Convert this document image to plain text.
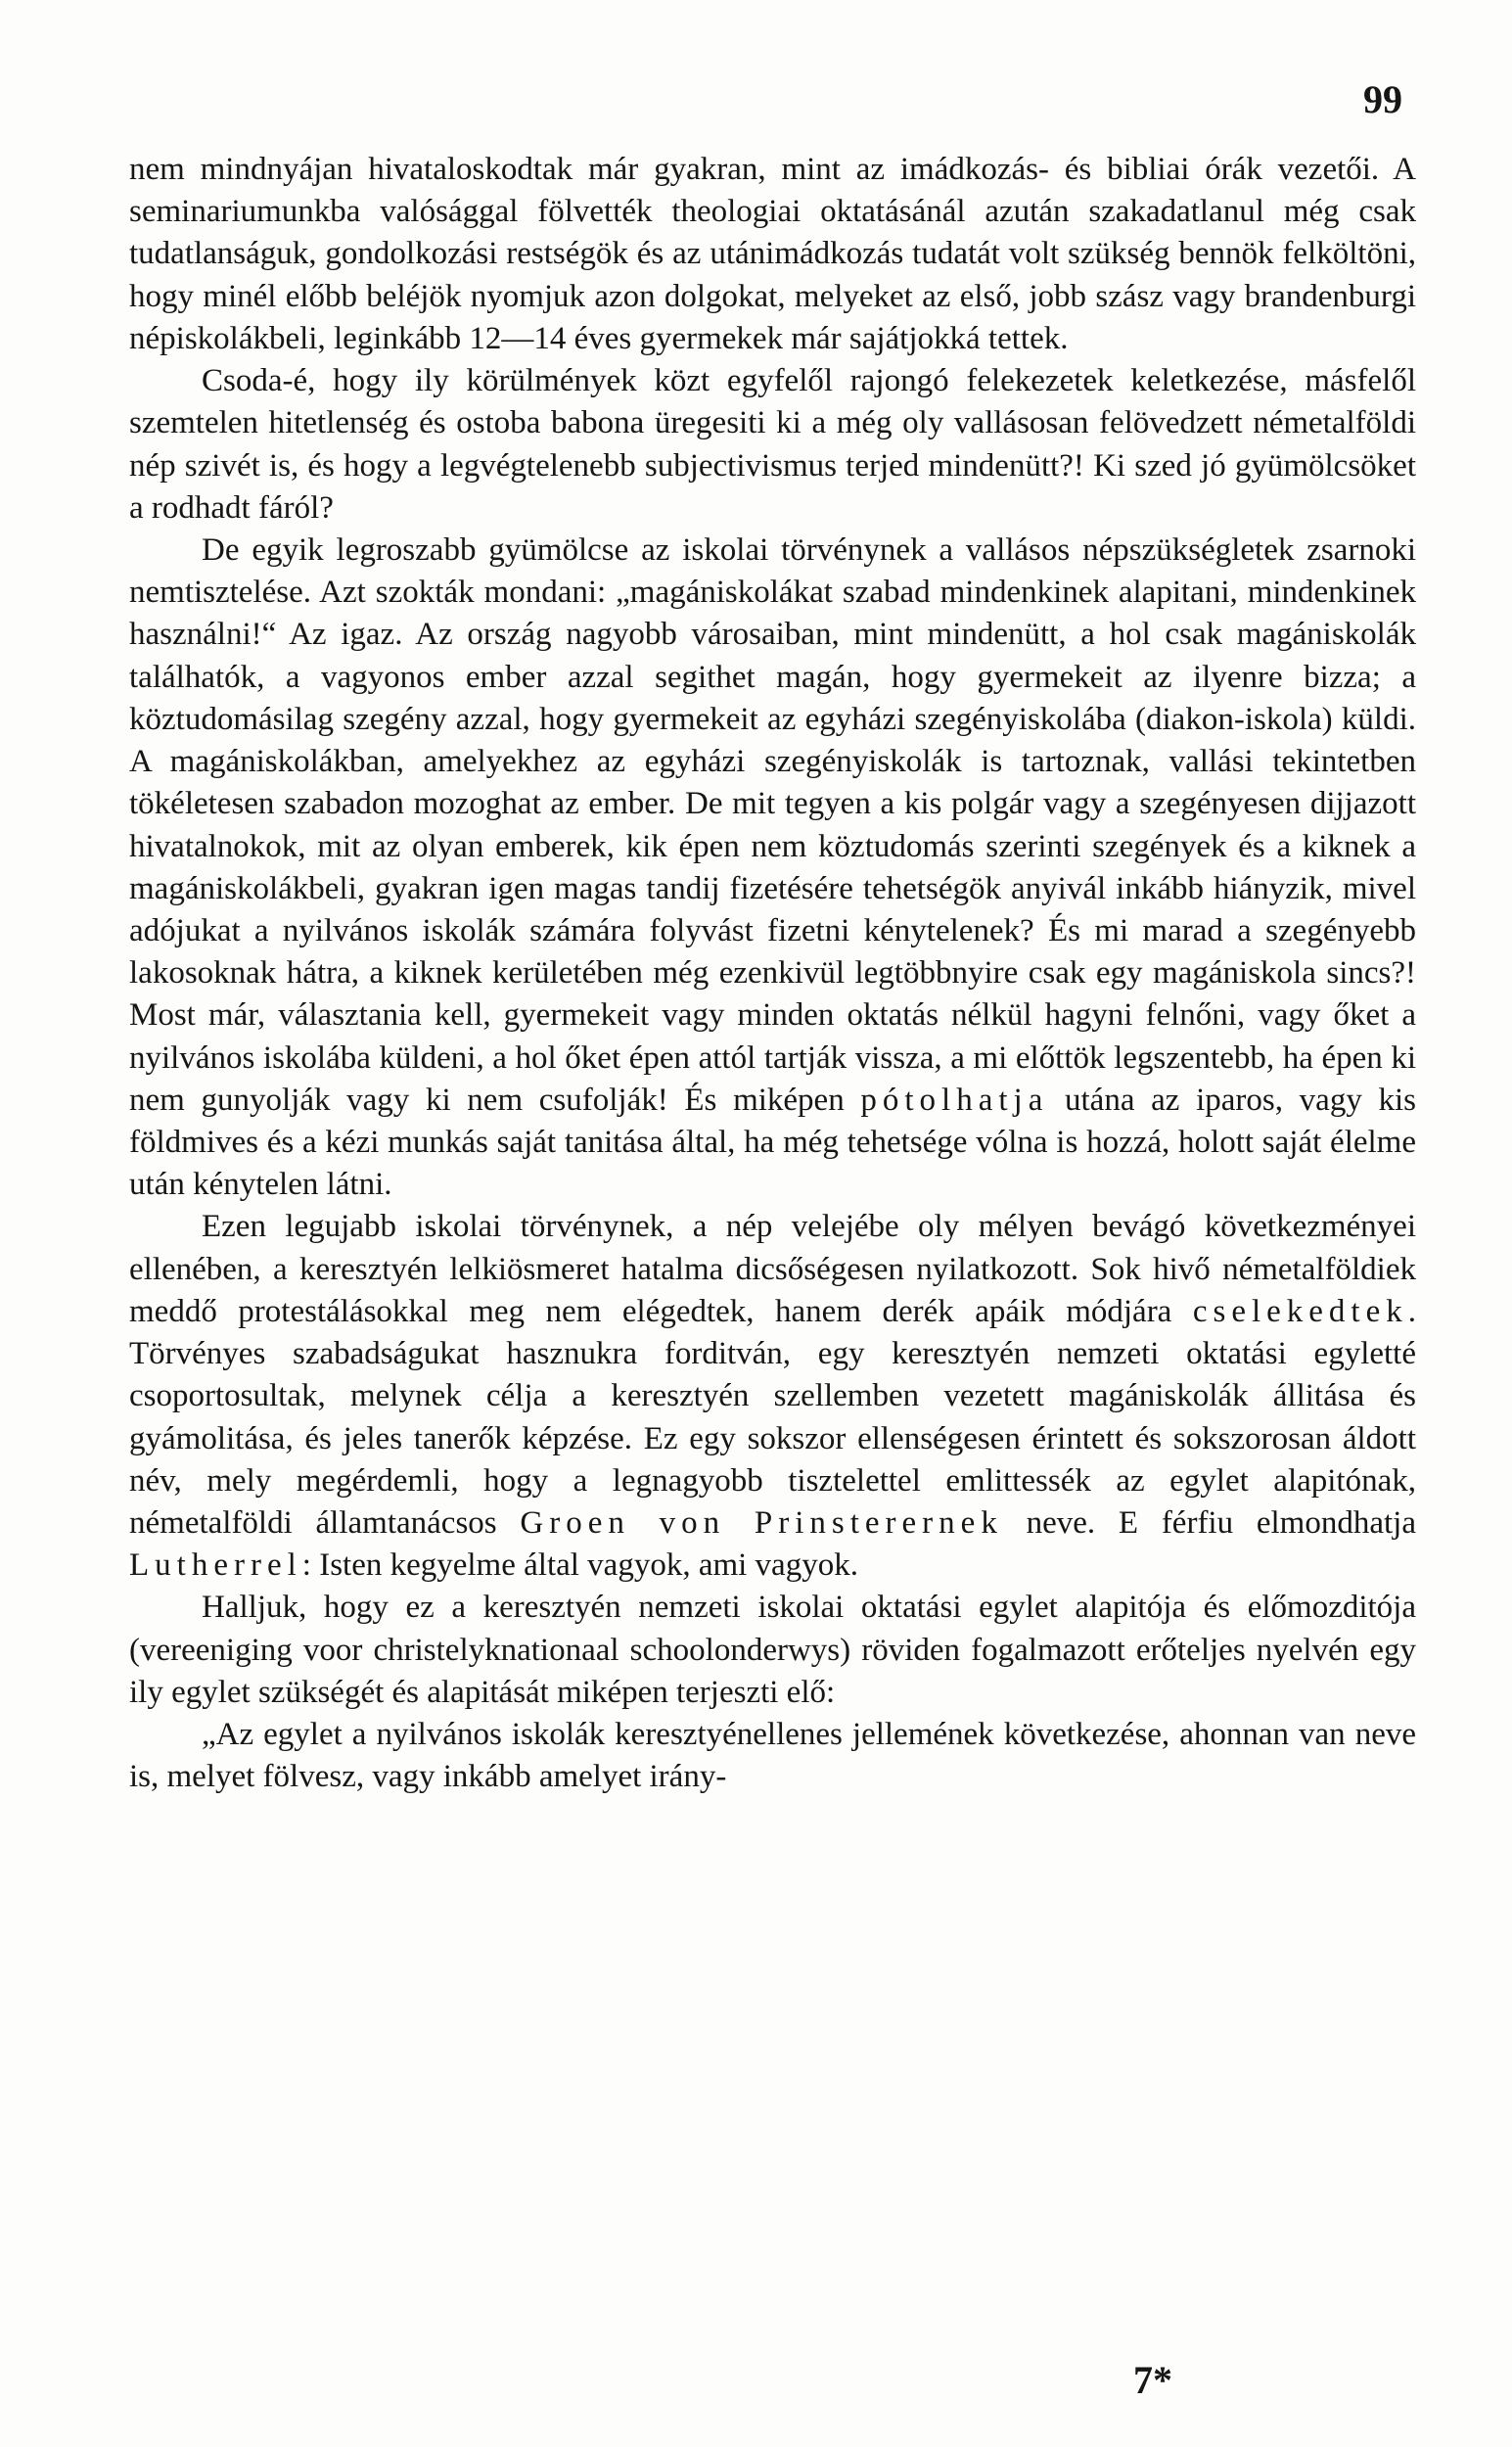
99

nem mindnyájan hivataloskodtak már gyakran, mint az imádkozás- és bibliai órák vezetői. A seminariumunkba valósággal fölvették theologiai oktatásánál azután szakadatlanul még csak tudatlanságuk, gondolkozási restségök és az utánimádkozás tudatát volt szükség bennök felköltöni, hogy minél előbb beléjök nyomjuk azon dolgokat, melyeket az első, jobb szász vagy brandenburgi népiskolákbeli, leginkább 12—14 éves gyermekek már sajátjokká tettek.

Csoda-é, hogy ily körülmények közt egyfelől rajongó felekezetek keletkezése, másfelől szemtelen hitetlenség és ostoba babona üregesiti ki a még oly vallásosan felövedzett németalföldi nép szivét is, és hogy a legvégtelenebb subjectivismus terjed mindenütt?! Ki szed jó gyümölcsöket a rodhadt fáról?

De egyik legroszabb gyümölcse az iskolai törvénynek a vallásos népszükségletek zsarnoki nemtisztelése. Azt szokták mondani: „magániskolákat szabad mindenkinek alapitani, mindenkinek használni!“ Az igaz. Az ország nagyobb városaiban, mint mindenütt, a hol csak magániskolák találhatók, a vagyonos ember azzal segithet magán, hogy gyermekeit az ilyenre bizza; a köztudomásilag szegény azzal, hogy gyermekeit az egyházi szegényiskolába (diakon-iskola) küldi. A magániskolákban, amelyekhez az egyházi szegényiskolák is tartoznak, vallási tekintetben tökéletesen szabadon mozoghat az ember. De mit tegyen a kis polgár vagy a szegényesen dijjazott hivatalnokok, mit az olyan emberek, kik épen nem köztudomás szerinti szegények és a kiknek a magániskolákbeli, gyakran igen magas tandij fizetésére tehetségök anyivál inkább hiányzik, mivel adójukat a nyilvános iskolák számára folyvást fizetni kénytelenek? És mi marad a szegényebb lakosoknak hátra, a kiknek kerületében még ezenkivül legtöbbnyire csak egy magániskola sincs?! Most már, választania kell, gyermekeit vagy minden oktatás nélkül hagyni felnőni, vagy őket a nyilvános iskolába küldeni, a hol őket épen attól tartják vissza, a mi előttök legszentebb, ha épen ki nem gunyolják vagy ki nem csufolják! És miképen pótolhatja utána az iparos, vagy kis földmives és a kézi munkás saját tanitása által, ha még tehetsége vólna is hozzá, holott saját élelme után kénytelen látni.

Ezen legujabb iskolai törvénynek, a nép velejébe oly mélyen bevágó következményei ellenében, a keresztyén lelkiösmeret hatalma dicsőségesen nyilatkozott. Sok hivő németalföldiek meddő protestálásokkal meg nem elégedtek, hanem derék apáik módjára cselekedtek. Törvényes szabadságukat hasznukra forditván, egy keresztyén nemzeti oktatási egyletté csoportosultak, melynek célja a keresztyén szellemben vezetett magániskolák állitása és gyámolitása, és jeles tanerők képzése. Ez egy sokszor ellenségesen érintett és sokszorosan áldott név, mely megérdemli, hogy a legnagyobb tisztelettel emlittessék az egylet alapitónak, németalföldi államtanácsos Groen von Prinsterernek neve. E férfiu elmondhatja Lutherrel: Isten kegyelme által vagyok, ami vagyok.

Halljuk, hogy ez a keresztyén nemzeti iskolai oktatási egylet alapitója és előmozditója (vereeniging voor christelyknationaal schoolonderwys) röviden fogalmazott erőteljes nyelvén egy ily egylet szükségét és alapitását miképen terjeszti elő:

„Az egylet a nyilvános iskolák keresztyénellenes jellemének következése, ahonnan van neve is, melyet fölvesz, vagy inkább amelyet irány-

7*
